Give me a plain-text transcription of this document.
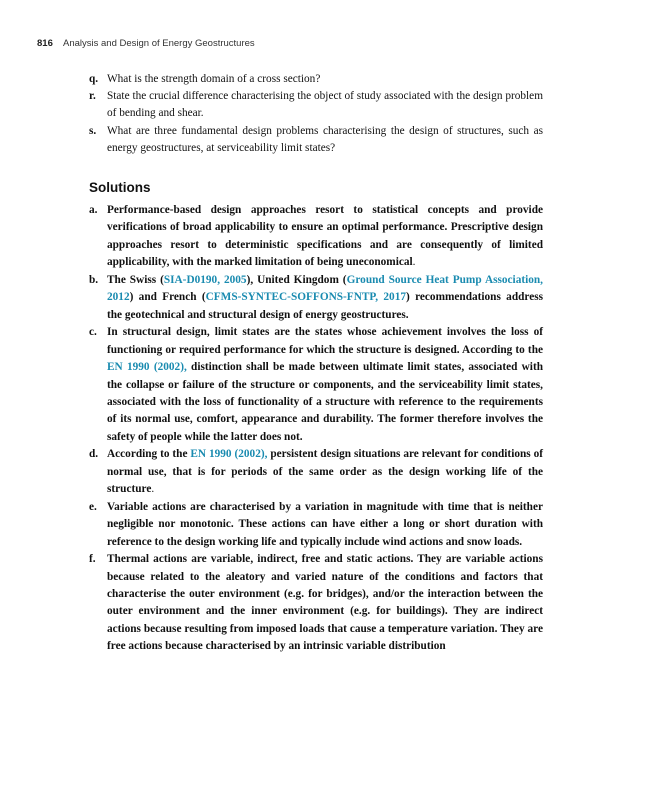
816 Analysis and Design of Energy Geostructures
q. What is the strength domain of a cross section?
r. State the crucial difference characterising the object of study associated with the design problem of bending and shear.
s. What are three fundamental design problems characterising the design of structures, such as energy geostructures, at serviceability limit states?
Solutions
a. Performance-based design approaches resort to statistical concepts and provide verifications of broad applicability to ensure an optimal performance. Prescriptive design approaches resort to deterministic specifications and are consequently of limited applicability, with the marked limitation of being uneconomical.
b. The Swiss (SIA-D0190, 2005), United Kingdom (Ground Source Heat Pump Association, 2012) and French (CFMS-SYNTEC-SOFFONS-FNTP, 2017) recommendations address the geotechnical and structural design of energy geostructures.
c. In structural design, limit states are the states whose achievement involves the loss of functioning or required performance for which the structure is designed. According to the EN 1990 (2002), distinction shall be made between ultimate limit states, associated with the collapse or failure of the structure or components, and the serviceability limit states, associated with the loss of functionality of a structure with reference to the requirements of its normal use, comfort, appearance and durability. The former therefore involves the safety of people while the latter does not.
d. According to the EN 1990 (2002), persistent design situations are relevant for conditions of normal use, that is for periods of the same order as the design working life of the structure.
e. Variable actions are characterised by a variation in magnitude with time that is neither negligible nor monotonic. These actions can have either a long or short duration with reference to the design working life and typically include wind actions and snow loads.
f. Thermal actions are variable, indirect, free and static actions. They are variable actions because related to the aleatory and varied nature of the conditions and factors that characterise the outer environment (e.g. for bridges), and/or the interaction between the outer environment and the inner environment (e.g. for buildings). They are indirect actions because resulting from imposed loads that cause a temperature variation. They are free actions because characterised by an intrinsic variable distribution
